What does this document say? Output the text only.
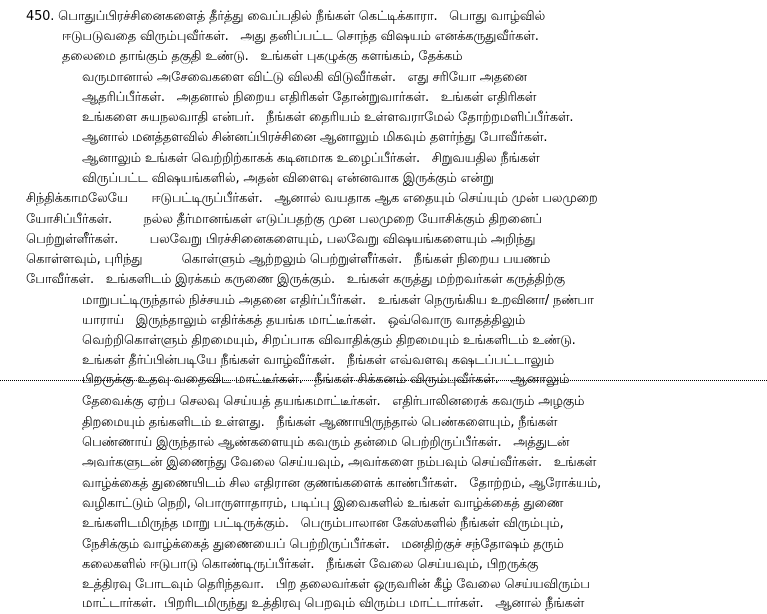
450. பொதுப்பிரச்சினைகளைத் தீர்த்து வைப்பதில் நீங்கள் கெட்டிக்காரா.   பொது வாழ்வில்
ஈடுபடுவதை விரும்புவீர்கள்.   அது தனிப்பட்ட சொந்த விஷயம் எனக்கருதுவீர்கள்.
தலைமை தாங்கும் தகுதி உண்டு.   உங்கள் புகழுக்கு களங்கம், தேக்கம்
வருமானால் அசேவைகளை விட்டு விலகி விடுவீர்கள்.   எது சரியோ அதனை
ஆதரிப்பீர்கள்.   அதனால் நிறைய எதிரிகள் தோன்றுவார்கள்.   உங்கள் எதிரிகள்
உங்களை சுயநலவாதி என்பர்.   நீங்கள் தைரியம் உள்ளவராமேல் தோற்றமளிப்பீர்கள்.
ஆனால் மனத்தளவில் சின்னப்பிரச்சினை ஆனாலும் மிகவும் தளர்ந்து போவீர்கள்.
ஆனாலும் உங்கள் வெற்றிற்காகக் கடினமாக உழைப்பீர்கள்.   சிறுவயதில நீங்கள்
விருப்பட்ட விஷயங்களில், அதன் விளைவு என்னவாக இருக்கும் என்று
சிந்திக்காமலேயே      ஈடுபட்டிருப்பீர்கள்.   ஆனால் வயதாக ஆக எதையும் செய்யும் முன் பலமுறை
யோசிப்பீர்கள்.        நல்ல தீர்மானங்கள் எடுப்பதற்கு முன பலமுறை யோசிக்கும் திறனைப்
பெற்றுள்ளீர்கள்.        பலவேறு பிரச்சினைகளையும், பலவேறு விஷயங்களையும் அறிந்து
கொள்ளவும், புரிந்து          கொள்ளும் ஆற்றலும் பெற்றுள்ளீர்கள்.   நீங்கள் நிறைய பயணம்
போவீர்கள்.   உங்களிடம் இரக்கம் கருணை இருக்கும்.   உங்கள் கருத்து மற்றவர்கள் கருத்திற்கு
மாறுபட்டிருந்தால் நிச்சயம் அதனை எதிர்ப்பீர்கள்.   உங்கள் நெருங்கிய உறவினா/ நண்பா
யாராய்   இருந்தாலும் எதிர்க்கத் தயங்க மாட்டீர்கள்.   ஒவ்வொரு வாதத்திலும்
வெற்றிகொள்ளும் திறமையும், சிறப்பாக விவாதிக்கும் திறமையும் உங்களிடம் உண்டு.
உங்கள் தீர்ப்பின்படியே நீங்கள் வாழ்வீர்கள்.   நீங்கள் எவ்வளவு கஷடப்பட்டாலும்
பிறருக்கு உதவு வதைவிட மாட்டீர்கள்.   நீங்கள் சிக்கனம் விரும்புவீர்கள்.   ஆனாலும்
தேவைக்கு ஏற்ப செலவு செய்யத் தயங்கமாட்டீர்கள்.   எதிர்பாலினரைக் கவரும் அழகும்
திறமையும் தங்களிடம் உள்ளது.   நீங்கள் ஆணாயிருந்தால் பெண்களையும், நீங்கள்
பெண்ணாய் இருந்தால் ஆண்களையும் கவரும் தன்மை பெற்றிருப்பீர்கள்.   அத்துடன்
அவர்களுடன் இணைந்து வேலை செய்யவும், அவர்களை நம்பவும் செய்வீர்கள்.   உங்கள்
வாழ்க்கைத் துணையிடம் சில எதிரான குணங்களைக் காண்பீர்கள்.   தோற்றம், ஆரோக்யம்,
வழிகாட்டும் நெறி, பொருளாதாரம், படிப்பு இவைகளில் உங்கள் வாழ்க்கைத் துணை
உங்களிடமிருந்த மாறு பட்டிருக்கும்.   பெரும்பாலான கேஸ்களில் நீங்கள் விரும்பும்,
நேசிக்கும் வாழ்க்கைத் துணையைப் பெற்றிருப்பீர்கள்.   மனதிற்குச் சந்தோஷம் தரும்
கலைகளில் ஈடுபாடு கொண்டிருப்பீர்கள்.   நீங்கள் வேலை செய்யவும், பிறருக்கு
உத்திரவு போடவும் தெரிந்தவா.   பிற தலைவர்கள் ஒருவரின் கீழ் வேலை செய்யவிரும்ப
மாட்டார்கள்.  பிறரிடமிருந்து உத்திரவு பெறவும் விரும்ப மாட்டார்கள்.   ஆனால் நீங்கள்
